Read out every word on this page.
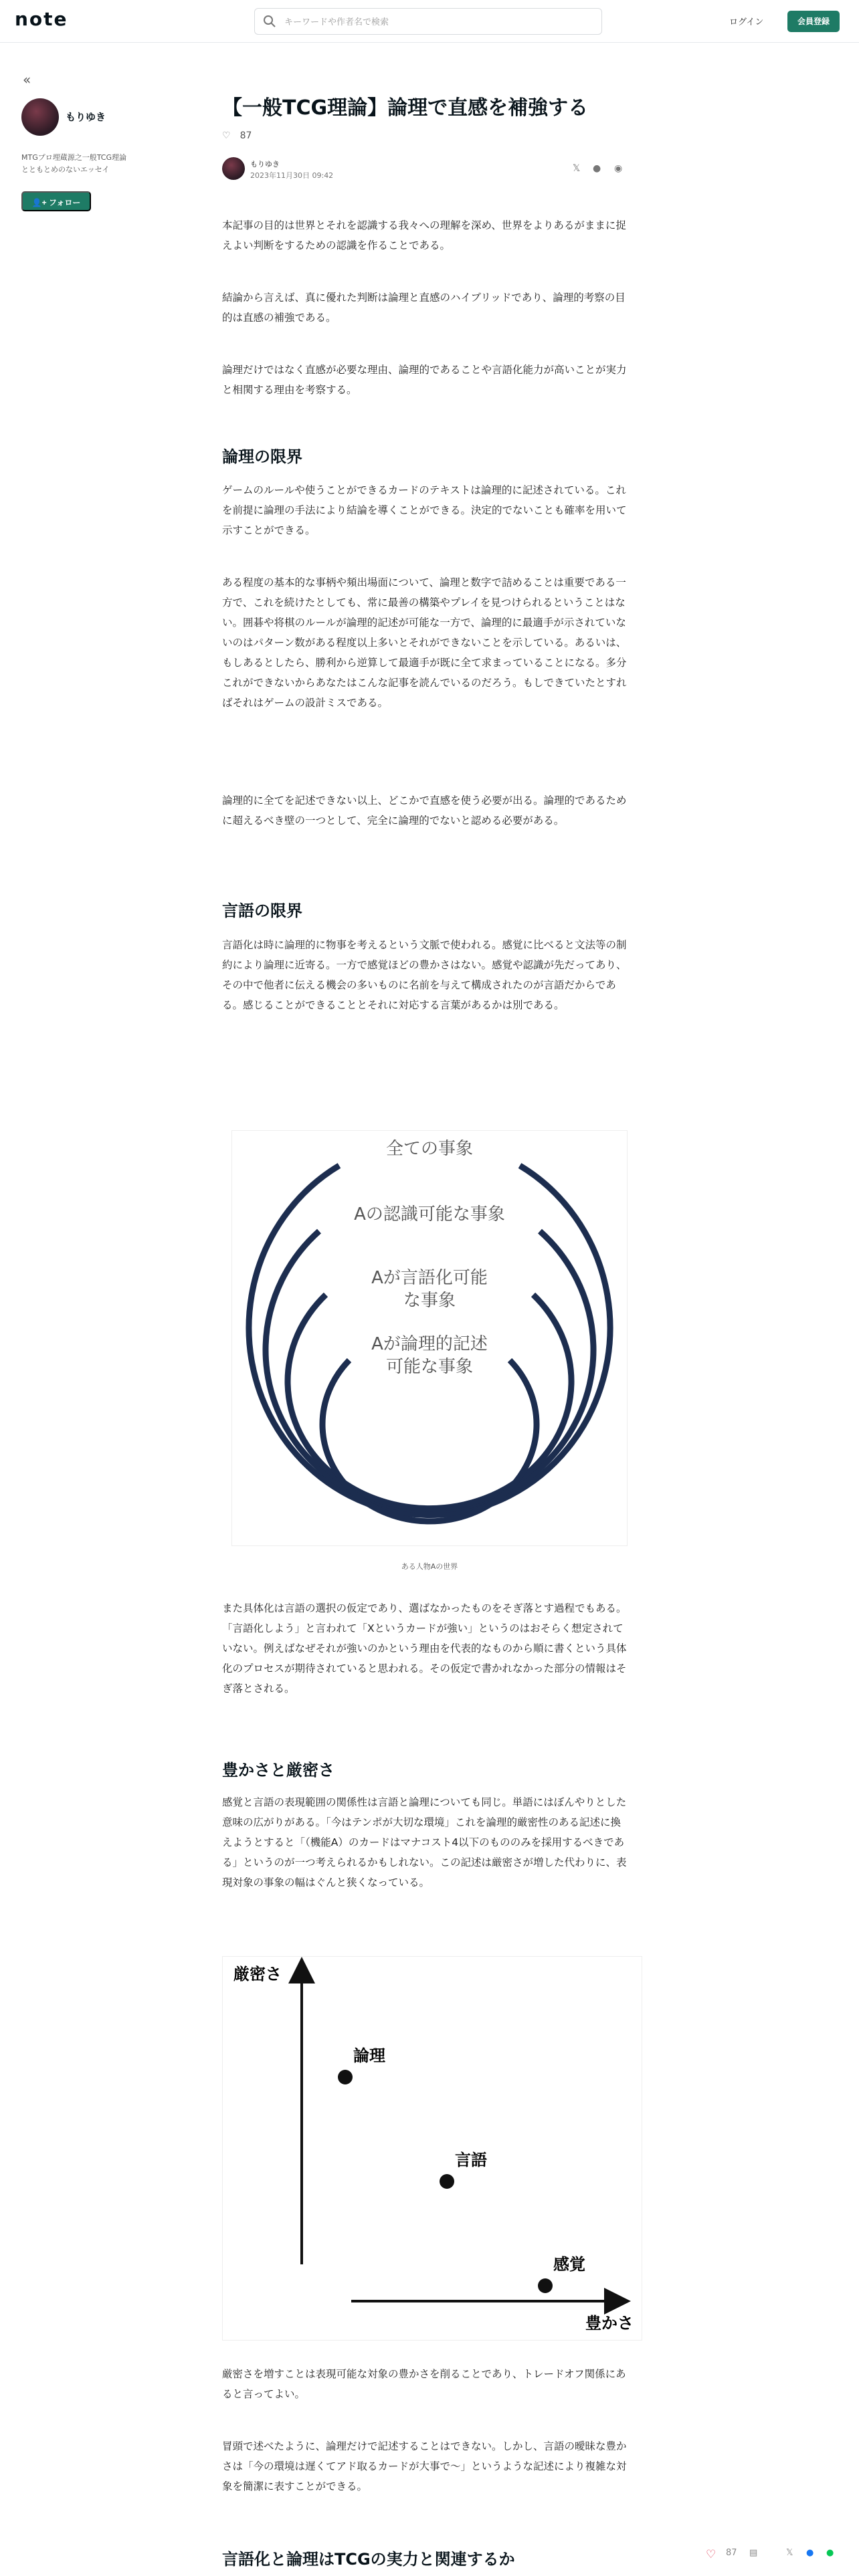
note
キーワードや作者名で検索	ログイン	会員登録
«
もりゆき
MTGプロ埋蔵源之一般TCG理論とともとめのないエッセイ
👤+ フォロー
【一般TCG理論】論理で直感を補強する
♡ 87
もりゆき
2023年11月30日 09:42
𝕏 ● ◉
本記事の目的は世界とそれを認識する我々への理解を深め、世界をよりあるがままに捉えよい判断をするための認識を作ることである。
結論から言えば、真に優れた判断は論理と直感のハイブリッドであり、論理的考察の目的は直感の補強である。
論理だけではなく直感が必要な理由、論理的であることや言語化能力が高いことが実力と相関する理由を考察する。
論理の限界
ゲームのルールや使うことができるカードのテキストは論理的に記述されている。これを前提に論理の手法により結論を導くことができる。決定的でないことも確率を用いて示すことができる。
ある程度の基本的な事柄や頻出場面について、論理と数字で詰めることは重要である一方で、これを続けたとしても、常に最善の構築やプレイを見つけられるということはない。囲碁や将棋のルールが論理的記述が可能な一方で、論理的に最適手が示されていないのはパターン数がある程度以上多いとそれができないことを示している。あるいは、もしあるとしたら、勝利から逆算して最適手が既に全て求まっていることになる。多分これができないからあなたはこんな記事を読んでいるのだろう。もしできていたとすればそれはゲームの設計ミスである。
論理的に全てを記述できない以上、どこかで直感を使う必要が出る。論理的であるために超えるべき壁の一つとして、完全に論理的でないと認める必要がある。
言語の限界
言語化は時に論理的に物事を考えるという文脈で使われる。感覚に比べると文法等の制約により論理に近寄る。一方で感覚ほどの豊かさはない。感覚や認識が先だってあり、その中で他者に伝える機会の多いものに名前を与えて構成されたのが言語だからである。感じることができることとそれに対応する言葉があるかは別である。
全ての事象
Aの認識可能な事象
Aが言語化可能
な事象
Aが論理的記述
可能な事象
ある人物Aの世界
また具体化は言語の選択の仮定であり、選ばなかったものをそぎ落とす過程でもある。「言語化しよう」と言われて「Xというカードが強い」というのはおそらく想定されていない。例えばなぜそれが強いのかという理由を代表的なものから順に書くという具体化のプロセスが期待されていると思われる。その仮定で書かれなかった部分の情報はそぎ落とされる。
豊かさと厳密さ
感覚と言語の表現範囲の関係性は言語と論理についても同じ。単語にはぼんやりとした意味の広がりがある。「今はテンポが大切な環境」これを論理的厳密性のある記述に換えようとすると「（機能A）のカードはマナコスト4以下のもののみを採用するべきである」というのが一つ考えられるかもしれない。この記述は厳密さが増した代わりに、表現対象の事象の幅はぐんと狭くなっている。
厳密さ
豊かさ
論理
言語
感覚
厳密さを増すことは表現可能な対象の豊かさを削ることであり、トレードオフ関係にあると言ってよい。
冒頭で述べたように、論理だけで記述することはできない。しかし、言語の曖昧な豊かさは「今の環境は遅くてアド取るカードが大事で〜」というような記述により複雑な対象を簡潔に表すことができる。
言語化と論理はTCGの実力と関連するか	♡ 87 ▤	𝕏 ● ●
